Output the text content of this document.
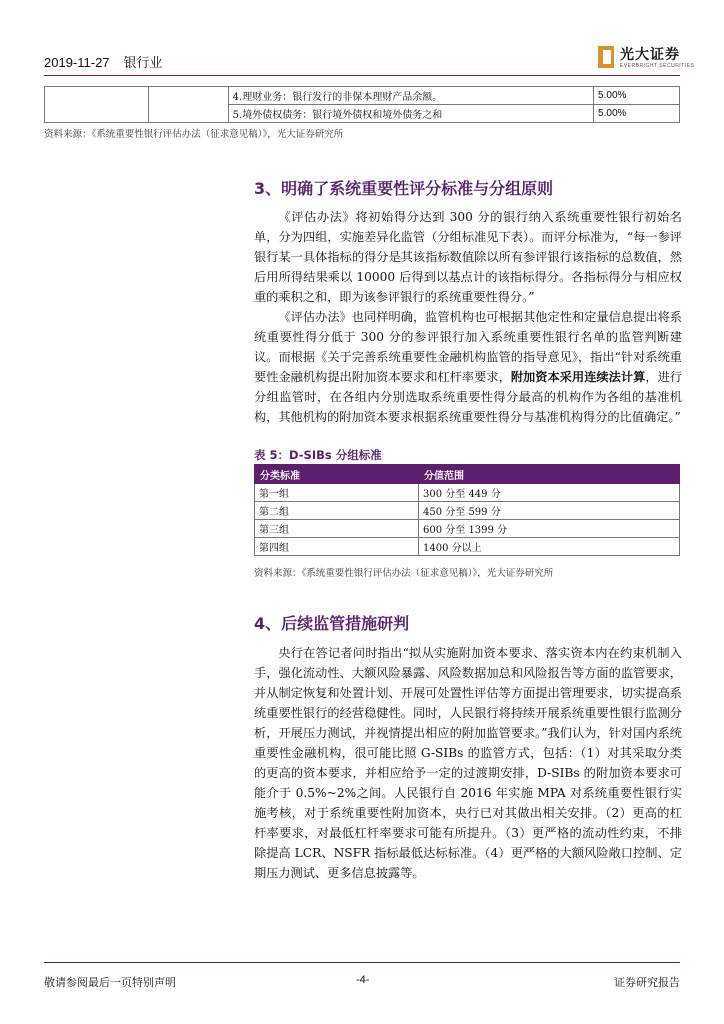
2019-11-27 银行业	光大证券
EVERBRIGHT SECURITIES
		4.理财业务：银行发行的非保本理财产品余额。	5.00%
		5.境外债权债务：银行境外债权和境外债务之和	5.00%
资料来源：《系统重要性银行评估办法（征求意见稿）》，光大证券研究所
3、明确了系统重要性评分标准与分组原则

《评估办法》将初始得分达到 300 分的银行纳入系统重要性银行初始名单，分为四组，实施差异化监管（分组标准见下表）。而评分标准为，“每一参评银行某一具体指标的得分是其该指标数值除以所有参评银行该指标的总数值，然后用所得结果乘以 10000 后得到以基点计的该指标得分。各指标得分与相应权重的乘积之和，即为该参评银行的系统重要性得分。”

《评估办法》也同样明确，监管机构也可根据其他定性和定量信息提出将系统重要性得分低于 300 分的参评银行加入系统重要性银行名单的监管判断建议。而根据《关于完善系统重要性金融机构监管的指导意见》，指出“针对系统重要性金融机构提出附加资本要求和杠杆率要求，附加资本采用连续法计算，进行分组监管时，在各组内分别选取系统重要性得分最高的机构作为各组的基准机构，其他机构的附加资本要求根据系统重要性得分与基准机构得分的比值确定。”

表 5：D-SIBs 分组标准
分类标准	分值范围
第一组	300 分至 449 分
第二组	450 分至 599 分
第三组	600 分至 1399 分
第四组	1400 分以上
资料来源：《系统重要性银行评估办法（征求意见稿）》，光大证券研究所
4、后续监管措施研判

央行在答记者问时指出“拟从实施附加资本要求、落实资本内在约束机制入手，强化流动性、大额风险暴露、风险数据加总和风险报告等方面的监管要求，并从制定恢复和处置计划、开展可处置性评估等方面提出管理要求，切实提高系统重要性银行的经营稳健性。同时，人民银行将持续开展系统重要性银行监测分析，开展压力测试，并视情提出相应的附加监管要求。”我们认为，针对国内系统重要性金融机构，很可能比照 G-SIBs 的监管方式，包括：（1）对其采取分类的更高的资本要求，并相应给予一定的过渡期安排，D-SIBs 的附加资本要求可能介于 0.5%~2%之间。人民银行自 2016 年实施 MPA 对系统重要性银行实施考核，对于系统重要性附加资本，央行已对其做出相关安排。（2）更高的杠杆率要求，对最低杠杆率要求可能有所提升。（3）更严格的流动性约束，不排除提高 LCR、NSFR 指标最低达标标准。（4）更严格的大额风险敞口控制、定期压力测试、更多信息披露等。

敬请参阅最后一页特别声明	-4-	证券研究报告
